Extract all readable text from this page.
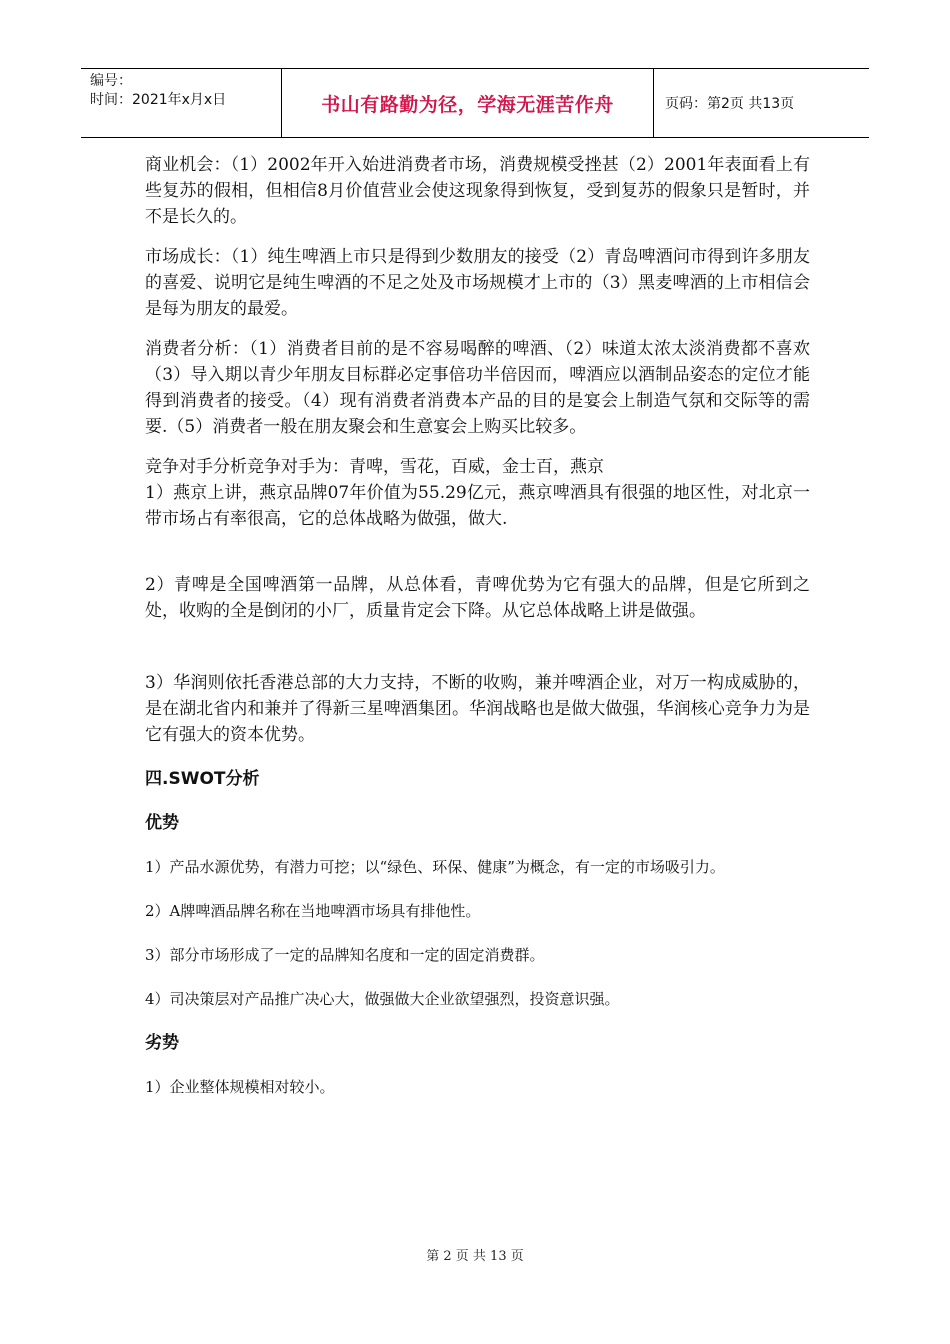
编号：
时间：2021年x月x日	书山有路勤为径，学海无涯苦作舟	页码：第2页 共13页

商业机会：（1）2002年开入始进消费者市场，消费规模受挫甚（2）2001年表面看上有些复苏的假相，但相信8月价值营业会使这现象得到恢复，受到复苏的假象只是暂时，并不是长久的。

市场成长：（1）纯生啤酒上市只是得到少数朋友的接受（2）青岛啤酒问市得到许多朋友的喜爱、说明它是纯生啤酒的不足之处及市场规模才上市的（3）黑麦啤酒的上市相信会是每为朋友的最爱。

消费者分析：（1）消费者目前的是不容易喝醉的啤酒、（2）味道太浓太淡消费都不喜欢（3）导入期以青少年朋友目标群必定事倍功半倍因而，啤酒应以酒制品姿态的定位才能得到消费者的接受。（4）现有消费者消费本产品的目的是宴会上制造气氛和交际等的需要.（5）消费者一般在朋友聚会和生意宴会上购买比较多。

竞争对手分析竞争对手为：青啤，雪花，百威，金士百，燕京

1）燕京上讲，燕京品牌07年价值为55.29亿元，燕京啤酒具有很强的地区性，对北京一带市场占有率很高，它的总体战略为做强，做大.

2）青啤是全国啤酒第一品牌，从总体看，青啤优势为它有强大的品牌，但是它所到之处，收购的全是倒闭的小厂，质量肯定会下降。从它总体战略上讲是做强。

3）华润则依托香港总部的大力支持，不断的收购，兼并啤酒企业，对万一构成威胁的，是在湖北省内和兼并了得新三星啤酒集团。华润战略也是做大做强，华润核心竞争力为是它有强大的资本优势。

四.SWOT分析
优势

1）产品水源优势，有潜力可挖；以“绿色、环保、健康”为概念，有一定的市场吸引力。

2）A牌啤酒品牌名称在当地啤酒市场具有排他性。

3）部分市场形成了一定的品牌知名度和一定的固定消费群。

4）司决策层对产品推广决心大，做强做大企业欲望强烈，投资意识强。

劣势

1）企业整体规模相对较小。

第 2 页 共 13 页
